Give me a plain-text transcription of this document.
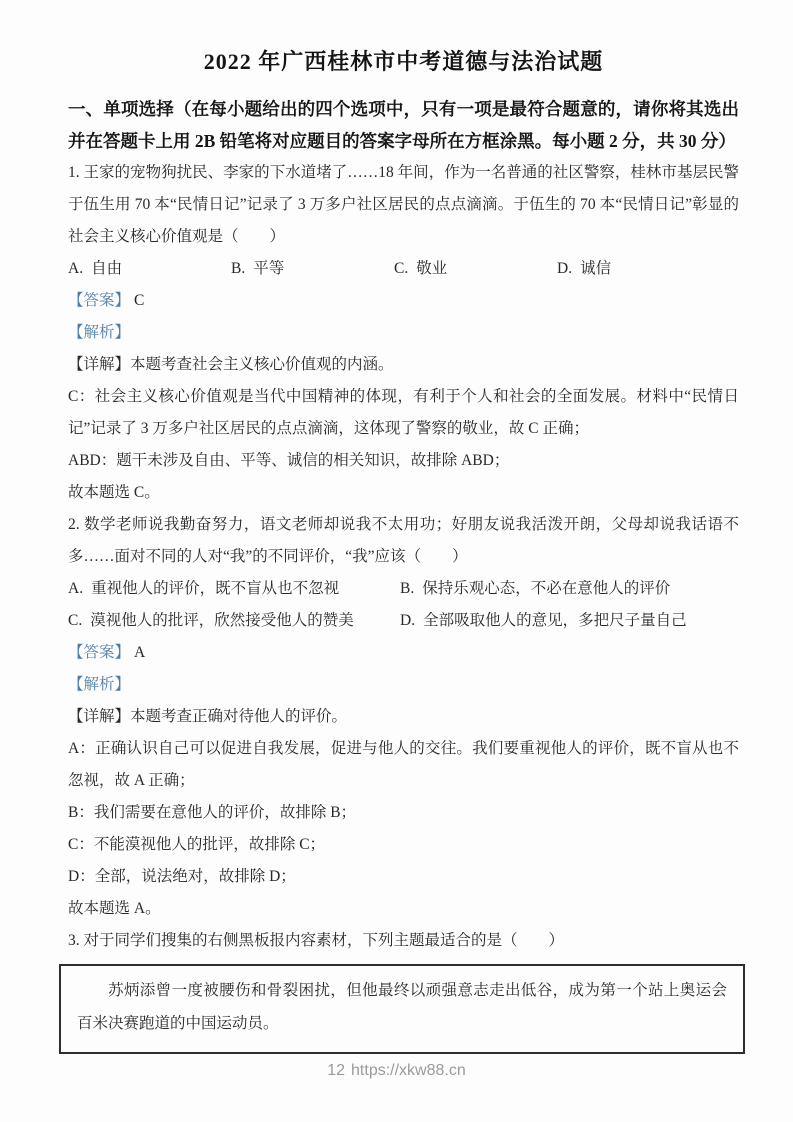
2022 年广西桂林市中考道德与法治试题

一、单项选择（在每小题给出的四个选项中，只有一项是最符合题意的，请你将其选出并在答题卡上用 2B 铅笔将对应题目的答案字母所在方框涂黑。每小题 2 分，共 30 分）

1. 王家的宠物狗扰民、李家的下水道堵了……18 年间，作为一名普通的社区警察，桂林市基层民警于伍生用 70 本“民情日记”记录了 3 万多户社区居民的点点滴滴。于伍生的 70 本“民情日记”彰显的社会主义核心价值观是（　　）

A. 自由	B. 平等	C. 敬业	D. 诚信

【答案】 C

【解析】

【详解】本题考查社会主义核心价值观的内涵。

C：社会主义核心价值观是当代中国精神的体现，有利于个人和社会的全面发展。材料中“民情日记”记录了 3 万多户社区居民的点点滴滴，这体现了警察的敬业，故 C 正确；

ABD：题干未涉及自由、平等、诚信的相关知识，故排除 ABD；

故本题选 C。

2. 数学老师说我勤奋努力，语文老师却说我不太用功；好朋友说我活泼开朗，父母却说我话语不多……面对不同的人对“我”的不同评价，“我”应该（　　）

A. 重视他人的评价，既不盲从也不忽视	B. 保持乐观心态，不必在意他人的评价
C. 漠视他人的批评，欣然接受他人的赞美	D. 全部吸取他人的意见，多把尺子量自己

【答案】 A

【解析】

【详解】本题考查正确对待他人的评价。

A：正确认识自己可以促进自我发展，促进与他人的交往。我们要重视他人的评价，既不盲从也不忽视，故 A 正确；

B：我们需要在意他人的评价，故排除 B；

C：不能漠视他人的批评，故排除 C；

D：全部，说法绝对，故排除 D；

故本题选 A。

3. 对于同学们搜集的右侧黑板报内容素材，下列主题最适合的是（　　）

苏炳添曾一度被腰伤和骨裂困扰，但他最终以顽强意志走出低谷，成为第一个站上奥运会百米决赛跑道的中国运动员。

12 https://xkw88.cn
